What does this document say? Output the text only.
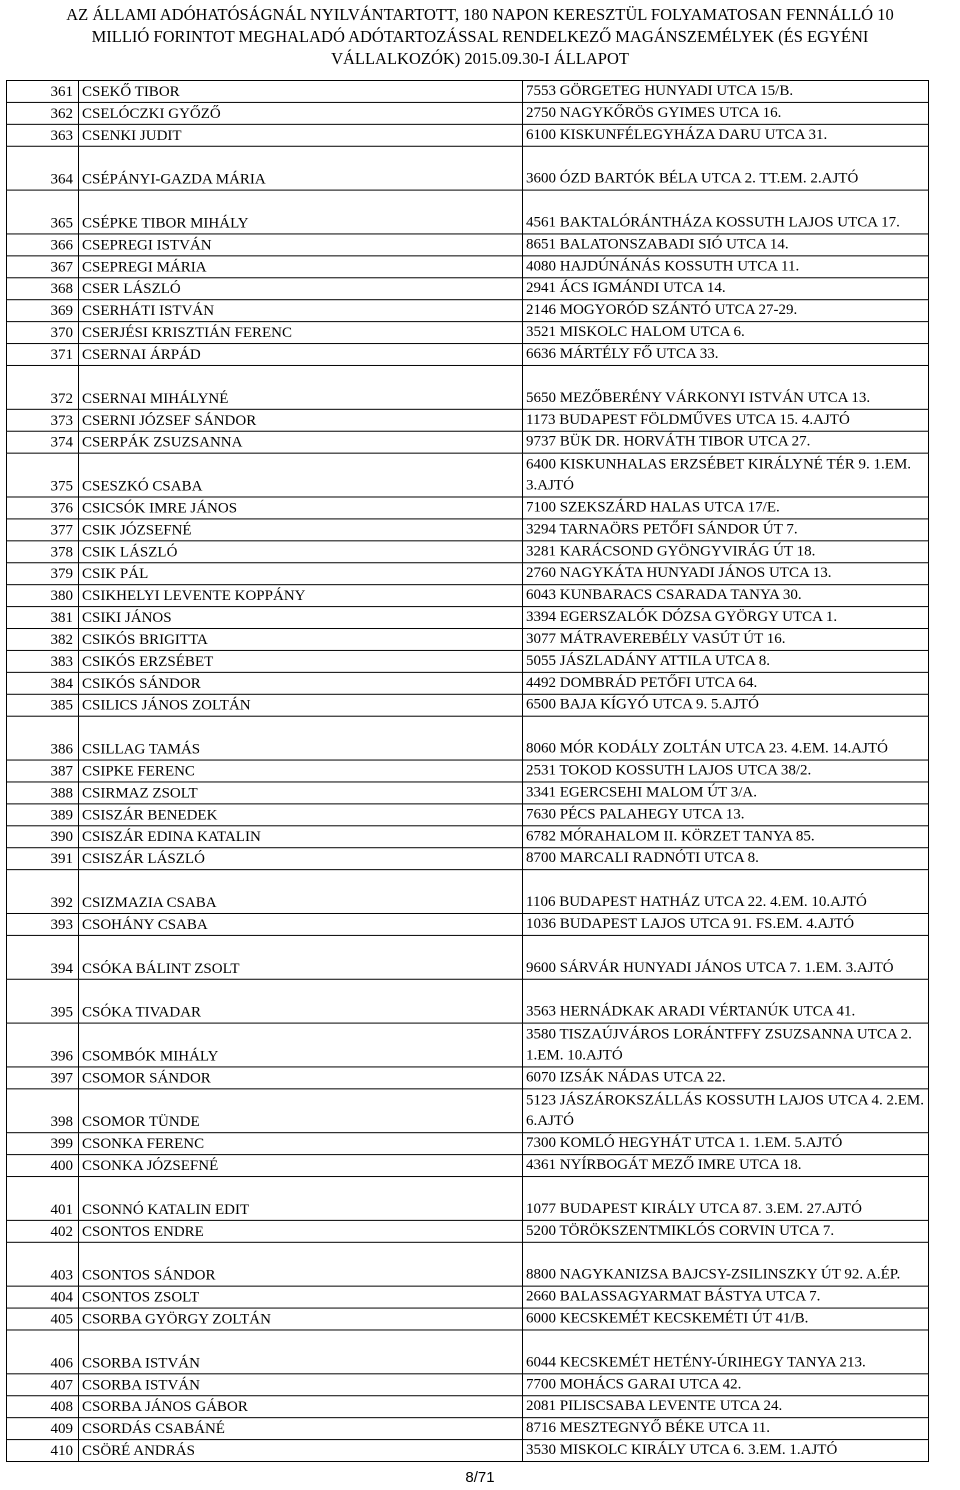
AZ ÁLLAMI ADÓHATÓSÁGNÁL NYILVÁNTARTOTT, 180 NAPON KERESZTÜL FOLYAMATOSAN FENNÁLLÓ 10
MILLIÓ FORINTOT MEGHALADÓ ADÓTARTOZÁSSAL RENDELKEZŐ MAGÁNSZEMÉLYEK (ÉS EGYÉNI
VÁLLALKOZÓK) 2015.09.30-I ÁLLAPOT
361	CSEKŐ TIBOR	7553 GÖRGETEG HUNYADI UTCA 15/B.
362	CSELÓCZKI GYŐZŐ	2750 NAGYKŐRÖS GYIMES UTCA 16.
363	CSENKI JUDIT	6100 KISKUNFÉLEGYHÁZA DARU UTCA 31.
364	CSÉPÁNYI-GAZDA MÁRIA	3600 ÓZD BARTÓK BÉLA UTCA 2. TT.EM. 2.AJTÓ
365	CSÉPKE TIBOR MIHÁLY	4561 BAKTALÓRÁNTHÁZA KOSSUTH LAJOS UTCA 17.
366	CSEPREGI ISTVÁN	8651 BALATONSZABADI SIÓ UTCA 14.
367	CSEPREGI MÁRIA	4080 HAJDÚNÁNÁS KOSSUTH UTCA 11.
368	CSER LÁSZLÓ	2941 ÁCS IGMÁNDI UTCA 14.
369	CSERHÁTI ISTVÁN	2146 MOGYORÓD SZÁNTÓ UTCA 27-29.
370	CSERJÉSI KRISZTIÁN FERENC	3521 MISKOLC HALOM UTCA 6.
371	CSERNAI ÁRPÁD	6636 MÁRTÉLY FŐ UTCA 33.
372	CSERNAI MIHÁLYNÉ	5650 MEZŐBERÉNY VÁRKONYI ISTVÁN UTCA 13.
373	CSERNI JÓZSEF SÁNDOR	1173 BUDAPEST FÖLDMŰVES UTCA 15. 4.AJTÓ
374	CSERPÁK ZSUZSANNA	9737 BÜK DR. HORVÁTH TIBOR UTCA 27.
375	CSESZKÓ CSABA	6400 KISKUNHALAS ERZSÉBET KIRÁLYNÉ TÉR 9. 1.EM. 3.AJTÓ
376	CSICSÓK IMRE JÁNOS	7100 SZEKSZÁRD HALAS UTCA 17/E.
377	CSIK JÓZSEFNÉ	3294 TARNAÖRS PETŐFI SÁNDOR ÚT 7.
378	CSIK LÁSZLÓ	3281 KARÁCSOND GYÖNGYVIRÁG ÚT 18.
379	CSIK PÁL	2760 NAGYKÁTA HUNYADI JÁNOS UTCA 13.
380	CSIKHELYI LEVENTE KOPPÁNY	6043 KUNBARACS CSARADA TANYA 30.
381	CSIKI JÁNOS	3394 EGERSZALÓK DÓZSA GYÖRGY UTCA 1.
382	CSIKÓS BRIGITTA	3077 MÁTRAVEREBÉLY VASÚT ÚT 16.
383	CSIKÓS ERZSÉBET	5055 JÁSZLADÁNY ATTILA UTCA 8.
384	CSIKÓS SÁNDOR	4492 DOMBRÁD PETŐFI UTCA 64.
385	CSILICS JÁNOS ZOLTÁN	6500 BAJA KÍGYÓ UTCA 9. 5.AJTÓ
386	CSILLAG TAMÁS	8060 MÓR KODÁLY ZOLTÁN UTCA 23. 4.EM. 14.AJTÓ
387	CSIPKE FERENC	2531 TOKOD KOSSUTH LAJOS UTCA 38/2.
388	CSIRMAZ ZSOLT	3341 EGERCSEHI MALOM ÚT 3/A.
389	CSISZÁR BENEDEK	7630 PÉCS PALAHEGY UTCA 13.
390	CSISZÁR EDINA KATALIN	6782 MÓRAHALOM II. KÖRZET TANYA 85.
391	CSISZÁR LÁSZLÓ	8700 MARCALI RADNÓTI UTCA 8.
392	CSIZMAZIA CSABA	1106 BUDAPEST HATHÁZ UTCA 22. 4.EM. 10.AJTÓ
393	CSOHÁNY CSABA	1036 BUDAPEST LAJOS UTCA 91. FS.EM. 4.AJTÓ
394	CSÓKA BÁLINT ZSOLT	9600 SÁRVÁR HUNYADI JÁNOS UTCA 7. 1.EM. 3.AJTÓ
395	CSÓKA TIVADAR	3563 HERNÁDKAK ARADI VÉRTANÚK UTCA 41.
396	CSOMBÓK MIHÁLY	3580 TISZAÚJVÁROS LORÁNTFFY ZSUZSANNA UTCA 2. 1.EM. 10.AJTÓ
397	CSOMOR SÁNDOR	6070 IZSÁK NÁDAS UTCA 22.
398	CSOMOR TÜNDE	5123 JÁSZÁROKSZÁLLÁS KOSSUTH LAJOS UTCA 4. 2.EM. 6.AJTÓ
399	CSONKA FERENC	7300 KOMLÓ HEGYHÁT UTCA 1. 1.EM. 5.AJTÓ
400	CSONKA JÓZSEFNÉ	4361 NYÍRBOGÁT MEZŐ IMRE UTCA 18.
401	CSONNÓ KATALIN EDIT	1077 BUDAPEST KIRÁLY UTCA 87. 3.EM. 27.AJTÓ
402	CSONTOS ENDRE	5200 TÖRÖKSZENTMIKLÓS CORVIN UTCA 7.
403	CSONTOS SÁNDOR	8800 NAGYKANIZSA BAJCSY-ZSILINSZKY ÚT 92. A.ÉP.
404	CSONTOS ZSOLT	2660 BALASSAGYARMAT BÁSTYA UTCA 7.
405	CSORBA GYÖRGY ZOLTÁN	6000 KECSKEMÉT KECSKEMÉTI ÚT 41/B.
406	CSORBA ISTVÁN	6044 KECSKEMÉT HETÉNY-ÚRIHEGY TANYA 213.
407	CSORBA ISTVÁN	7700 MOHÁCS GARAI UTCA 42.
408	CSORBA JÁNOS GÁBOR	2081 PILISCSABA LEVENTE UTCA 24.
409	CSORDÁS CSABÁNÉ	8716 MESZTEGNYŐ BÉKE UTCA 11.
410	CSÖRÉ ANDRÁS	3530 MISKOLC KIRÁLY UTCA 6. 3.EM. 1.AJTÓ
8/71
